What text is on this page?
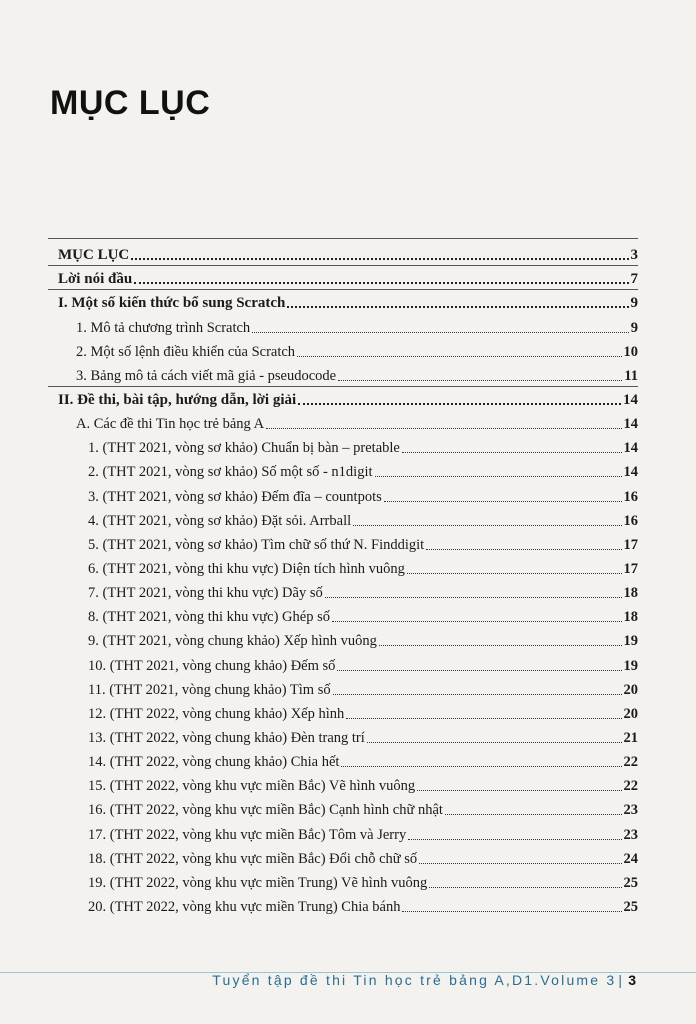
MỤC LỤC
MỤC LỤC	3
Lời nói đầu	7
I. Một số kiến thức bổ sung Scratch	9
1. Mô tả chương trình Scratch	9
2. Một số lệnh điều khiển của Scratch	10
3. Bảng mô tả cách viết mã giả - pseudocode	11
II. Đề thi, bài tập, hướng dẫn, lời giải	14
A. Các đề thi Tin học trẻ bảng A	14
1. (THT 2021, vòng sơ khảo) Chuẩn bị bàn – pretable	14
2. (THT 2021, vòng sơ khảo) Số một số - n1digit	14
3. (THT 2021, vòng sơ khảo) Đếm đĩa – countpots	16
4. (THT 2021, vòng sơ khảo) Đặt sỏi. Arrball	16
5. (THT 2021, vòng sơ khảo) Tìm chữ số thứ N. Finddigit	17
6. (THT 2021, vòng thi khu vực) Diện tích hình vuông	17
7. (THT 2021, vòng thi khu vực) Dãy số	18
8. (THT 2021, vòng thi khu vực) Ghép số	18
9. (THT 2021, vòng chung khảo) Xếp hình vuông	19
10. (THT 2021, vòng chung khảo) Đếm số	19
11. (THT 2021, vòng chung khảo) Tìm số	20
12. (THT 2022, vòng chung khảo) Xếp hình	20
13. (THT 2022, vòng chung khảo) Đèn trang trí	21
14. (THT 2022, vòng chung khảo) Chia hết	22
15. (THT 2022, vòng khu vực miền Bắc) Vẽ hình vuông	22
16. (THT 2022, vòng khu vực miền Bắc) Cạnh hình chữ nhật	23
17. (THT 2022, vòng khu vực miền Bắc) Tôm và Jerry	23
18. (THT 2022, vòng khu vực miền Bắc) Đổi chỗ chữ số	24
19. (THT 2022, vòng khu vực miền Trung) Vẽ hình vuông	25
20. (THT 2022, vòng khu vực miền Trung) Chia bánh	25
Tuyển tập đề thi Tin học trẻ bảng A,D1.Volume 3 | 3
